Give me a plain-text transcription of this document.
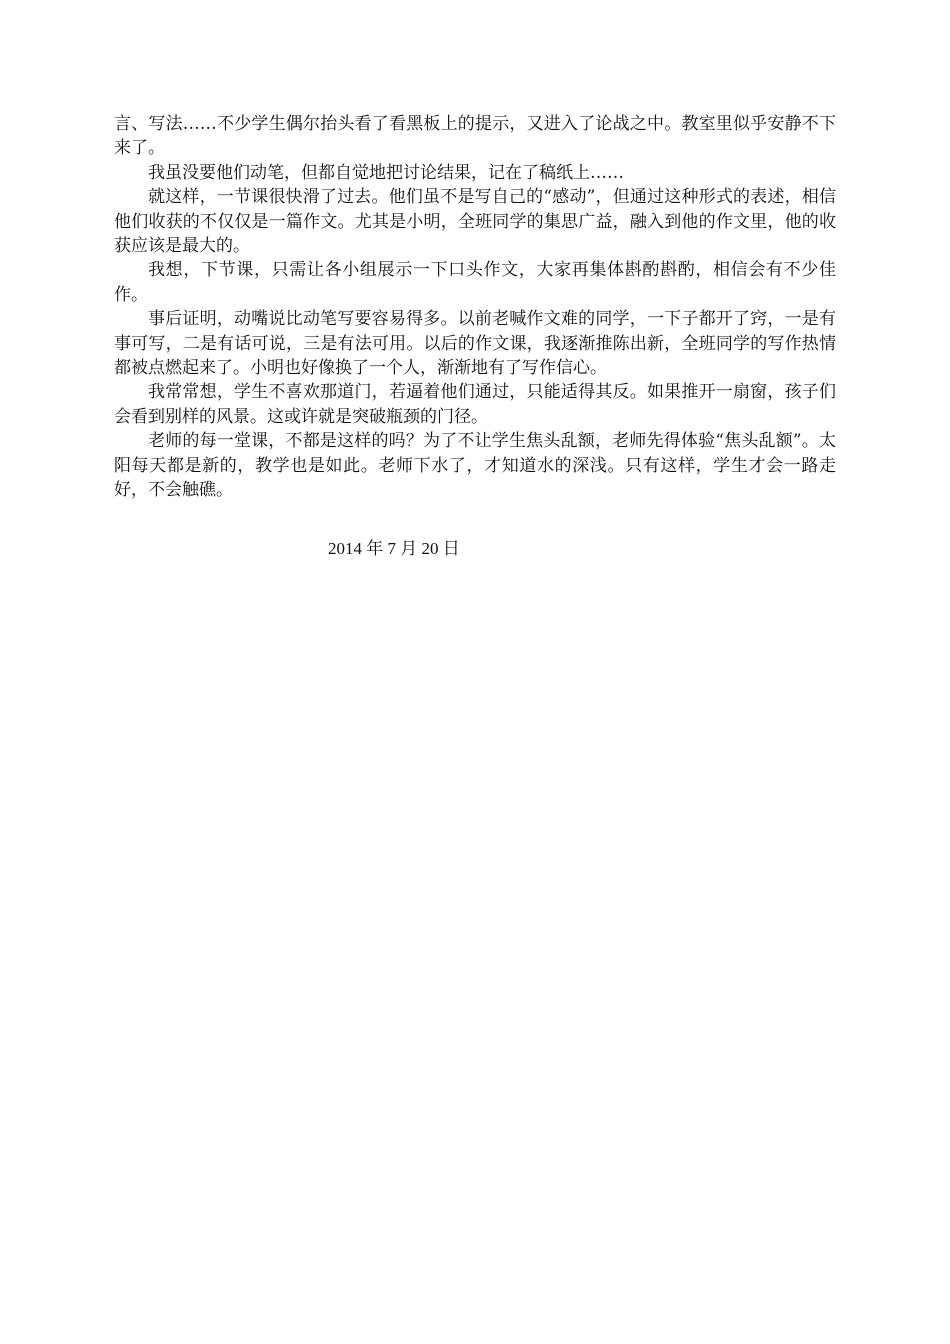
言、写法……不少学生偶尔抬头看了看黑板上的提示，又进入了论战之中。教室里似乎安静不下来了。

我虽没要他们动笔，但都自觉地把讨论结果，记在了稿纸上……

就这样，一节课很快滑了过去。他们虽不是写自己的“感动”，但通过这种形式的表述，相信他们收获的不仅仅是一篇作文。尤其是小明，全班同学的集思广益，融入到他的作文里，他的收获应该是最大的。

我想，下节课，只需让各小组展示一下口头作文，大家再集体斟酌斟酌，相信会有不少佳作。

事后证明，动嘴说比动笔写要容易得多。以前老喊作文难的同学，一下子都开了窍，一是有事可写，二是有话可说，三是有法可用。以后的作文课，我逐渐推陈出新，全班同学的写作热情都被点燃起来了。小明也好像换了一个人，渐渐地有了写作信心。

我常常想，学生不喜欢那道门，若逼着他们通过，只能适得其反。如果推开一扇窗，孩子们会看到别样的风景。这或许就是突破瓶颈的门径。

老师的每一堂课，不都是这样的吗？为了不让学生焦头乱额，老师先得体验“焦头乱额”。太阳每天都是新的，教学也是如此。老师下水了，才知道水的深浅。只有这样，学生才会一路走好，不会触礁。

2014 年 7 月 20 日
